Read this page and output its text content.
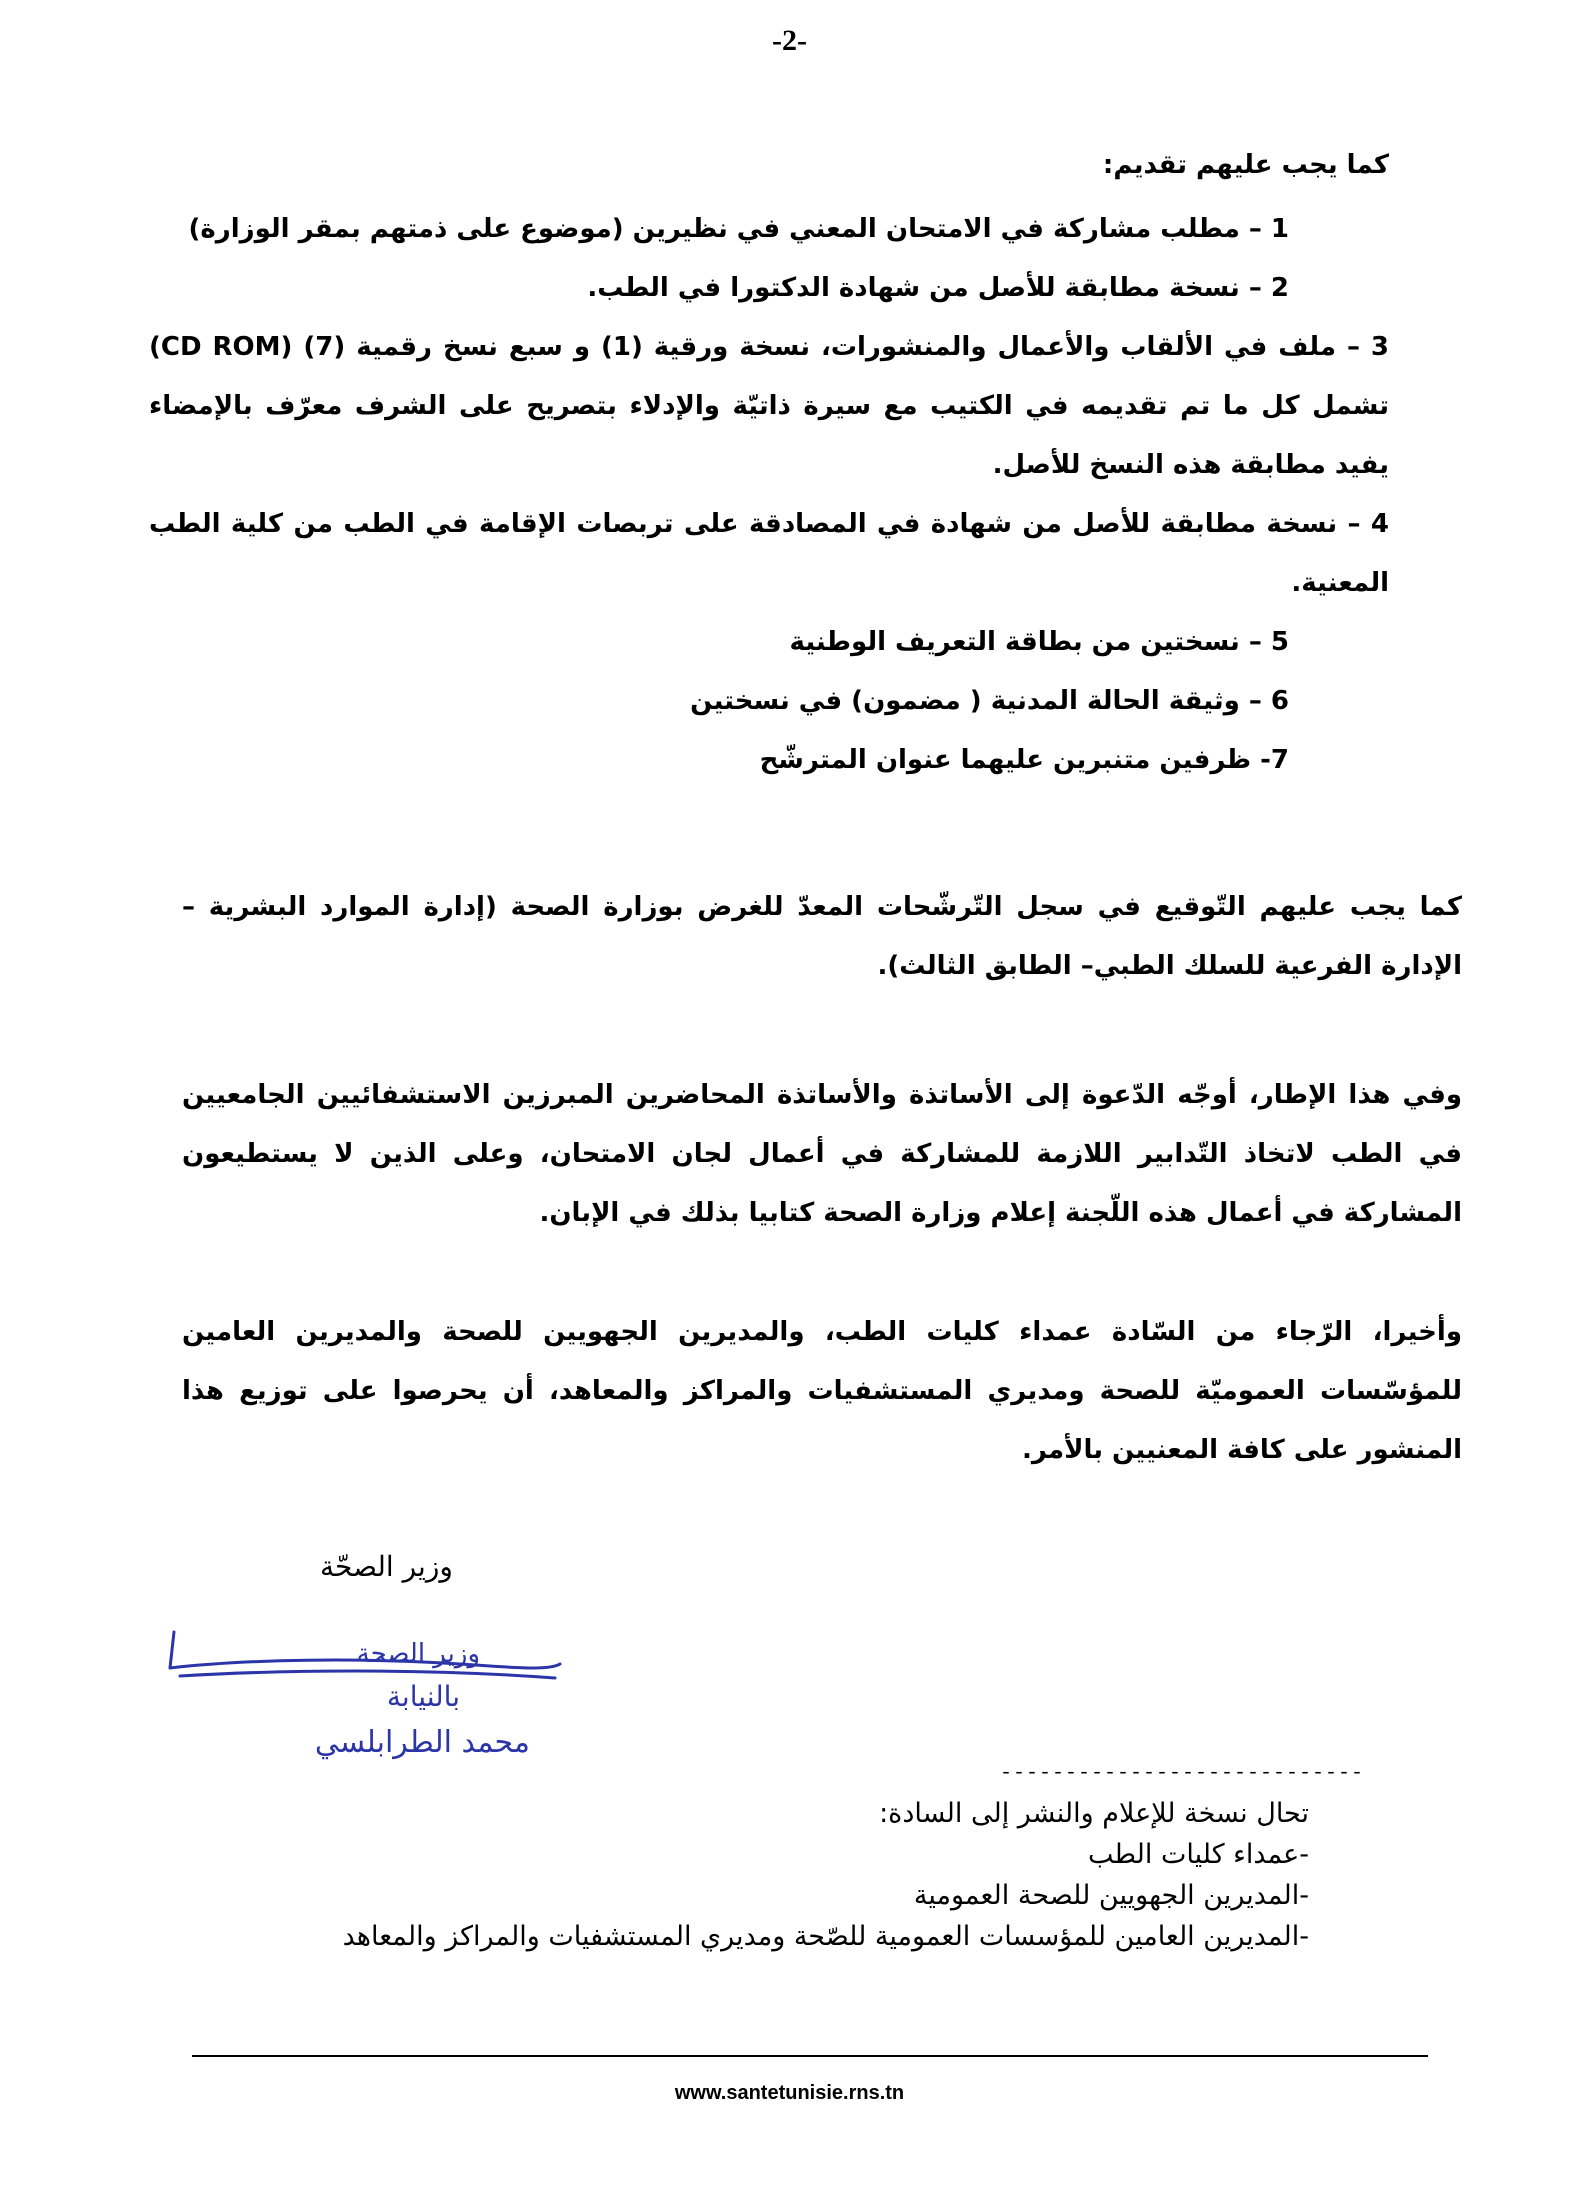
-2-
كما يجب عليهم تقديم:
1 – مطلب مشاركة في الامتحان المعني في نظيرين (موضوع على ذمتهم بمقر الوزارة)
2 – نسخة مطابقة للأصل من شهادة الدكتورا في الطب.
3 – ملف في الألقاب والأعمال والمنشورات، نسخة ورقية (1) و سبع نسخ رقمية (7) (CD ROM) تشمل كل ما تم تقديمه في الكتيب مع سيرة ذاتيّة والإدلاء بتصريح على الشرف معرّف بالإمضاء يفيد مطابقة هذه النسخ للأصل.
4 – نسخة مطابقة للأصل من شهادة في المصادقة على تربصات الإقامة في الطب من كلية الطب المعنية.
5 – نسختين من بطاقة التعريف الوطنية
6 – وثيقة الحالة المدنية ( مضمون) في نسختين
7- ظرفين متنبرين عليهما عنوان المترشّح

كما يجب عليهم التّوقيع في سجل التّرشّحات المعدّ للغرض بوزارة الصحة (إدارة الموارد البشرية – الإدارة الفرعية للسلك الطبي– الطابق الثالث).

وفي هذا الإطار، أوجّه الدّعوة إلى الأساتذة والأساتذة المحاضرين المبرزين الاستشفائيين الجامعيين في الطب لاتخاذ التّدابير اللازمة للمشاركة في أعمال لجان الامتحان، وعلى الذين لا يستطيعون المشاركة في أعمال هذه اللّجنة إعلام وزارة الصحة كتابيا بذلك في الإبان.

وأخيرا، الرّجاء من السّادة عمداء كليات الطب، والمديرين الجهويين للصحة والمديرين العامين للمؤسّسات العموميّة للصحة ومديري المستشفيات والمراكز والمعاهد، أن يحرصوا على توزيع هذا المنشور على كافة المعنيين بالأمر.

وزير الصحّة
وزير الصحة
بالنيابة
محمد الطرابلسي
----------------------------
تحال نسخة للإعلام والنشر إلى السادة:
-عمداء كليات الطب
-المديرين الجهويين للصحة العمومية
-المديرين العامين للمؤسسات العمومية للصّحة ومديري المستشفيات والمراكز والمعاهد
www.santetunisie.rns.tn
